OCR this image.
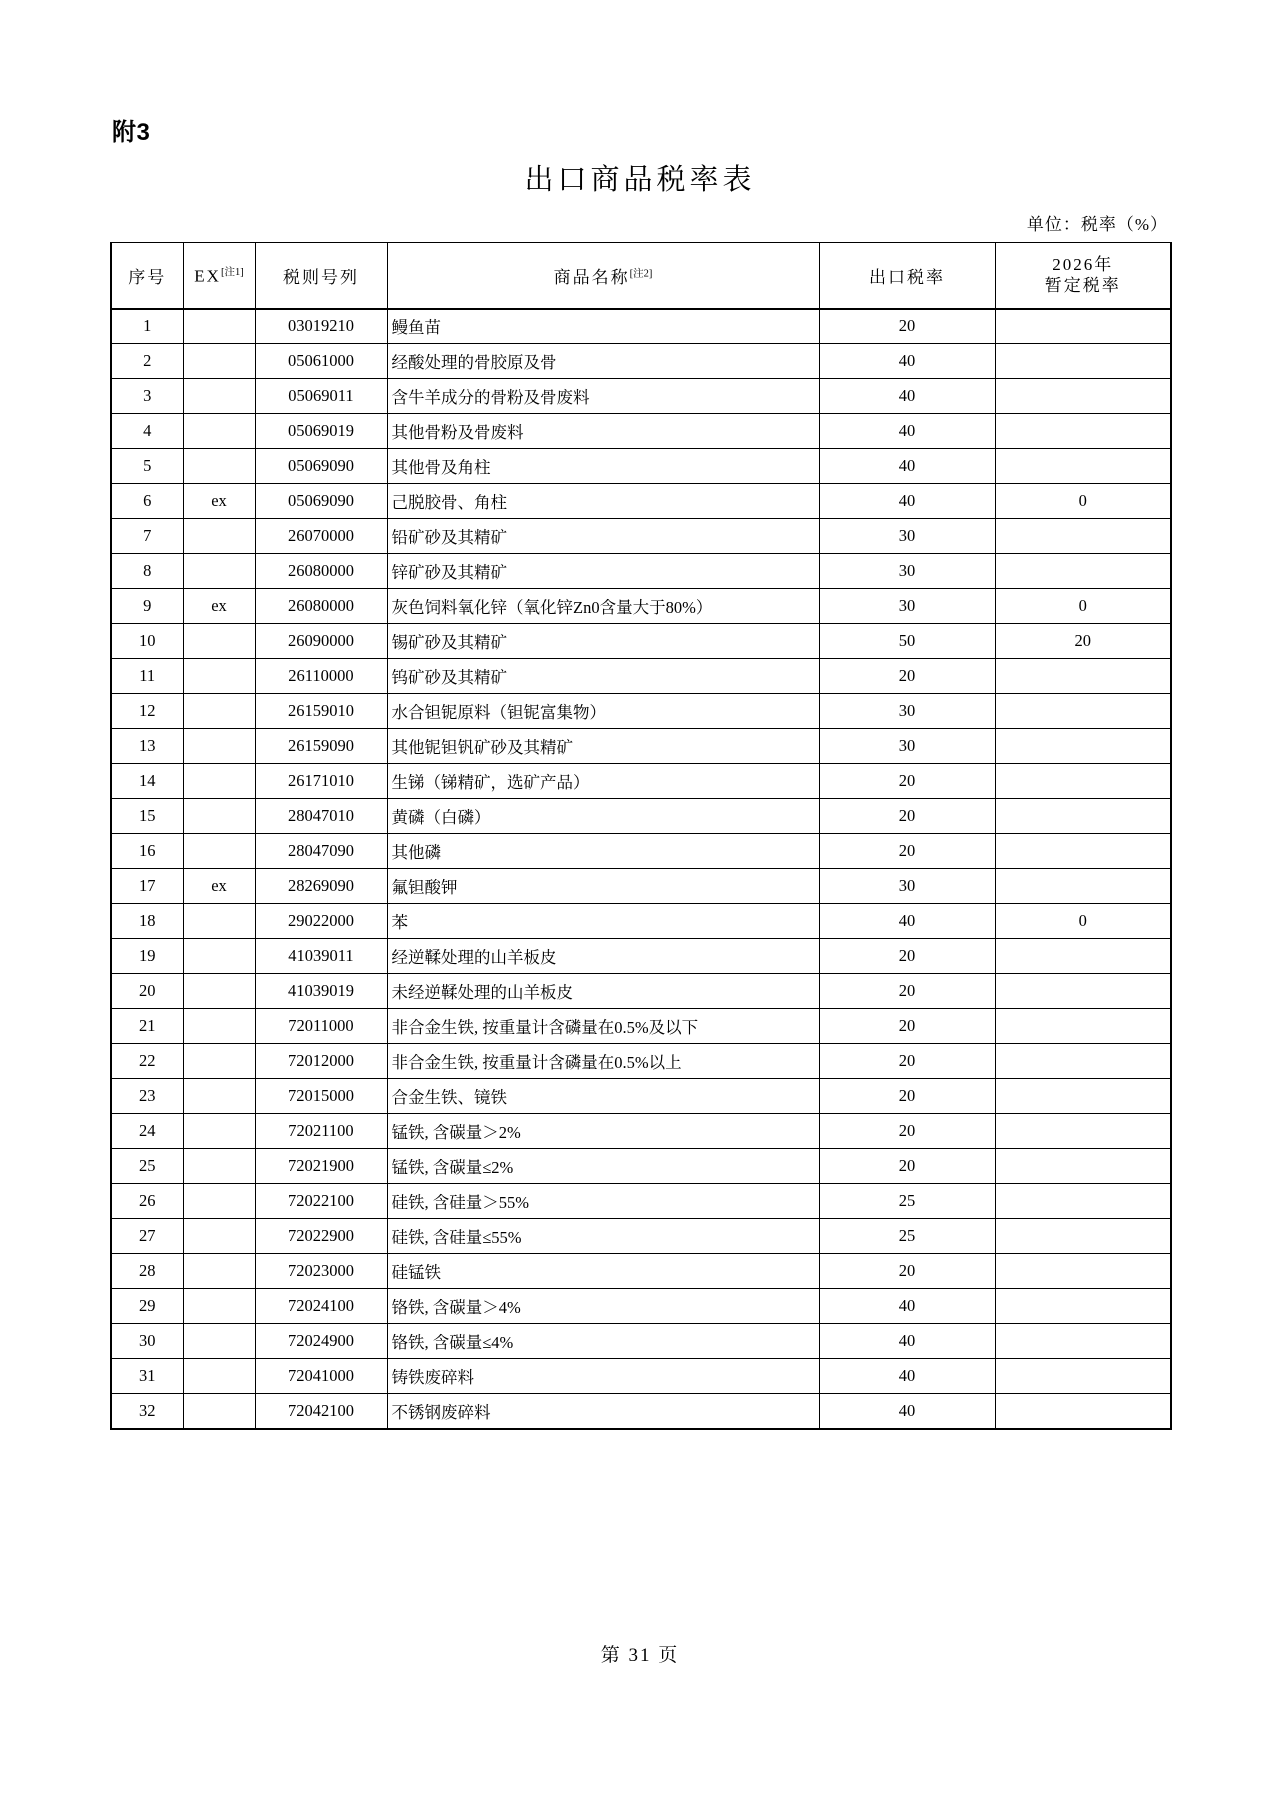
附3
出口商品税率表
单位：税率（%）
序号	EX[注1]	税则号列	商品名称[注2]	出口税率	2026年
暂定税率

1		03019210	鳗鱼苗	20	
2		05061000	经酸处理的骨胶原及骨	40	
3		05069011	含牛羊成分的骨粉及骨废料	40	
4		05069019	其他骨粉及骨废料	40	
5		05069090	其他骨及角柱	40	
6	ex	05069090	己脱胶骨、角柱	40	0
7		26070000	铅矿砂及其精矿	30	
8		26080000	锌矿砂及其精矿	30	
9	ex	26080000	灰色饲料氧化锌（氧化锌Zn0含量大于80%）	30	0
10		26090000	锡矿砂及其精矿	50	20
11		26110000	钨矿砂及其精矿	20	
12		26159010	水合钽铌原料（钽铌富集物）	30	
13		26159090	其他铌钽钒矿砂及其精矿	30	
14		26171010	生锑（锑精矿，选矿产品）	20	
15		28047010	黄磷（白磷）	20	
16		28047090	其他磷	20	
17	ex	28269090	氟钽酸钾	30	
18		29022000	苯	40	0
19		41039011	经逆鞣处理的山羊板皮	20	
20		41039019	未经逆鞣处理的山羊板皮	20	
21		72011000	非合金生铁, 按重量计含磷量在0.5%及以下	20	
22		72012000	非合金生铁, 按重量计含磷量在0.5%以上	20	
23		72015000	合金生铁、镜铁	20	
24		72021100	锰铁, 含碳量＞2%	20	
25		72021900	锰铁, 含碳量≤2%	20	
26		72022100	硅铁, 含硅量＞55%	25	
27		72022900	硅铁, 含硅量≤55%	25	
28		72023000	硅锰铁	20	
29		72024100	铬铁, 含碳量＞4%	40	
30		72024900	铬铁, 含碳量≤4%	40	
31		72041000	铸铁废碎料	40	
32		72042100	不锈钢废碎料	40	
第 31 页
